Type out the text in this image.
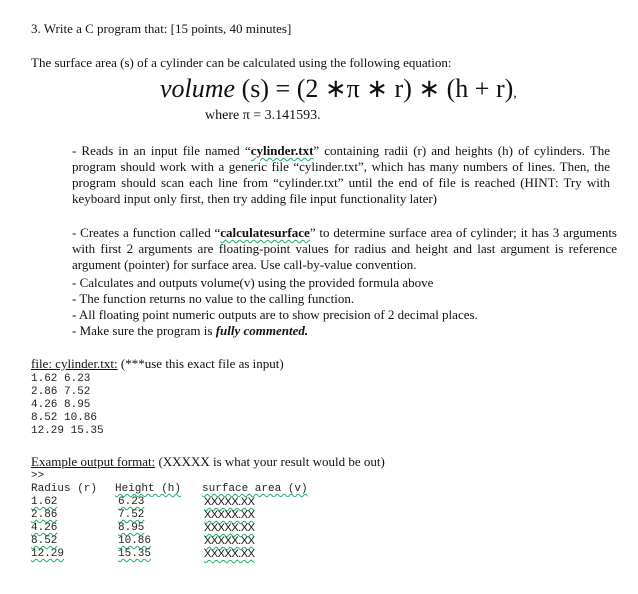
3. Write a C program that: [15 points, 40 minutes]
The surface area (s) of a cylinder can be calculated using the following equation:
volume (s) = (2 ∗π ∗ r) ∗ (h + r),
where π = 3.141593.
- Reads in an input file named “cylinder.txt” containing radii (r) and heights (h) of cylinders. The program should work with a generic file “cylinder.txt”, which has many numbers of lines. Then, the program should scan each line from “cylinder.txt” until the end of file is reached (HINT: Try with keyboard input only first, then try adding file input functionality later)
- Creates a function called “calculatesurface” to determine surface area of cylinder; it has 3 arguments with first 2 arguments are floating-point values for radius and height and last argument is reference argument (pointer) for surface area. Use call-by-value convention.
- Calculates and outputs volume(v) using the provided formula above
- The function returns no value to the calling function.
- All floating point numeric outputs are to show precision of 2 decimal places.
- Make sure the program is fully commented.
file: cylinder.txt: (***use this exact file as input)
1.62 6.23
2.86 7.52
4.26 8.95
8.52 10.86
12.29 15.35
Example output format: (XXXXX is what your result would be out)
>>
Radius (r) Height (h) surface area (v)
1.62	6.23	XXXXX.XX
2.86	7.52	XXXXX.XX
4.26	8.95	XXXXX.XX
8.52	10.86	XXXXX.XX
12.29	15.35	XXXXX.XX
